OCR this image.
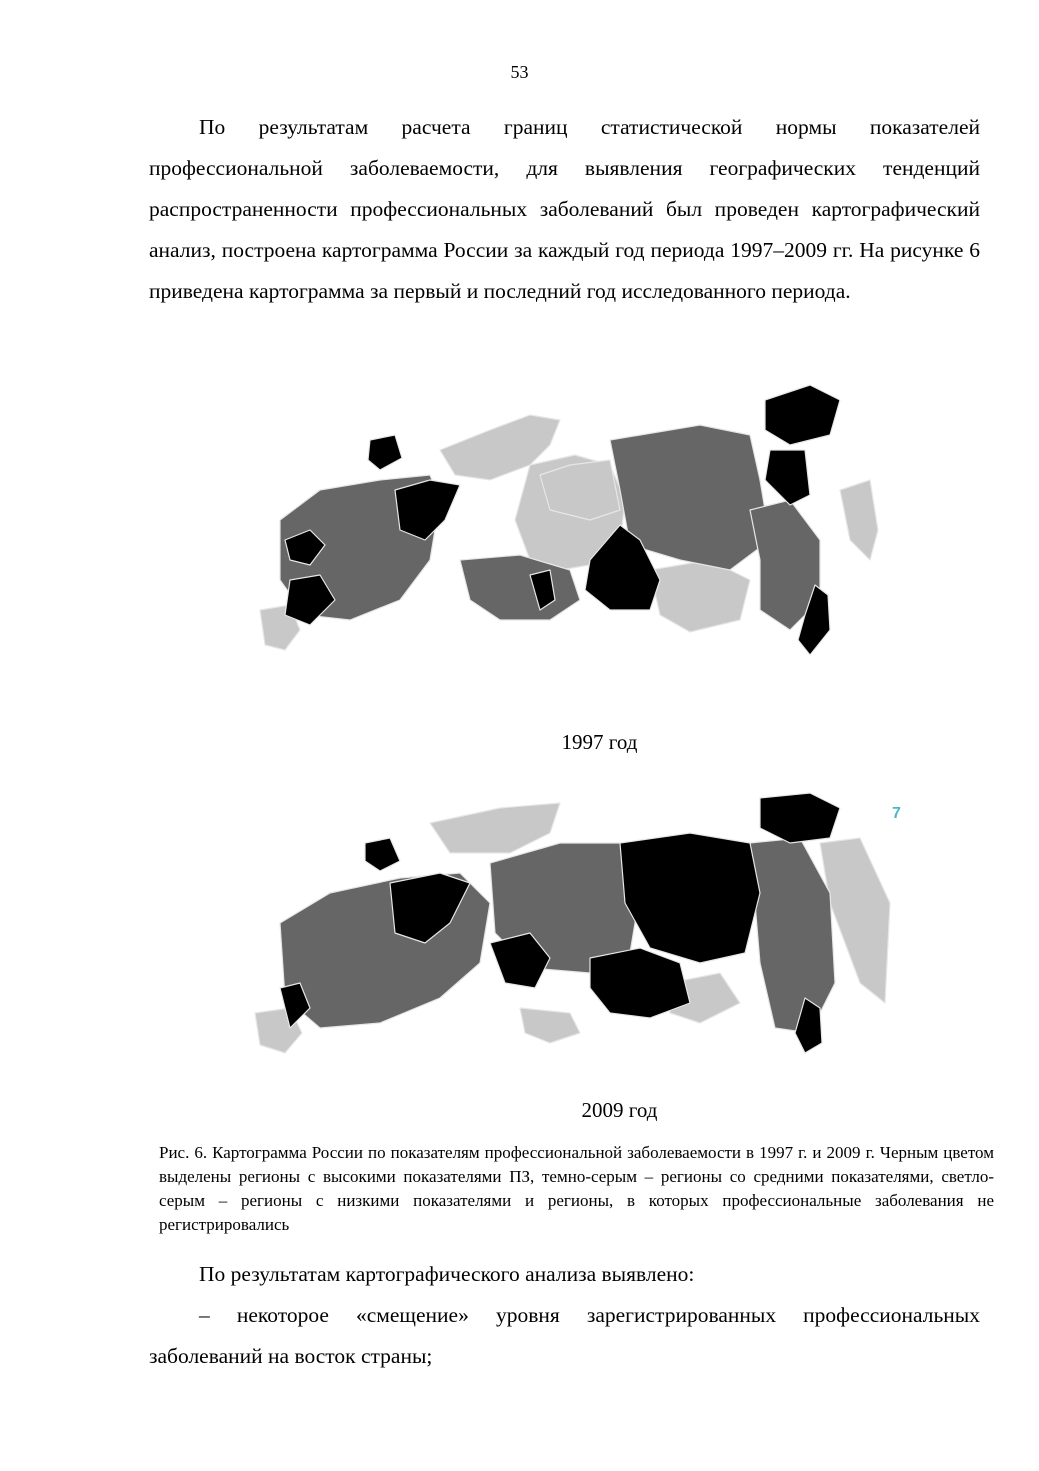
53

По результатам расчета границ статистической нормы показателей профессиональной заболеваемости, для выявления географических тенденций распространенности профессиональных заболеваний был проведен картографический анализ, построена картограмма России за каждый год периода 1997–2009 гг. На рисунке 6 приведена картограмма за первый и последний год исследованного периода.

1997 год
7
2009 год

Рис. 6. Картограмма России по показателям профессиональной заболеваемости в 1997 г. и 2009 г. Черным цветом выделены регионы с высокими показателями ПЗ, темно-серым – регионы со средними показателями, светло-серым – регионы с низкими показателями и регионы, в которых профессиональные заболевания не регистрировались

По результатам картографического анализа выявлено:

– некоторое «смещение» уровня зарегистрированных профессиональных заболеваний на восток страны;
